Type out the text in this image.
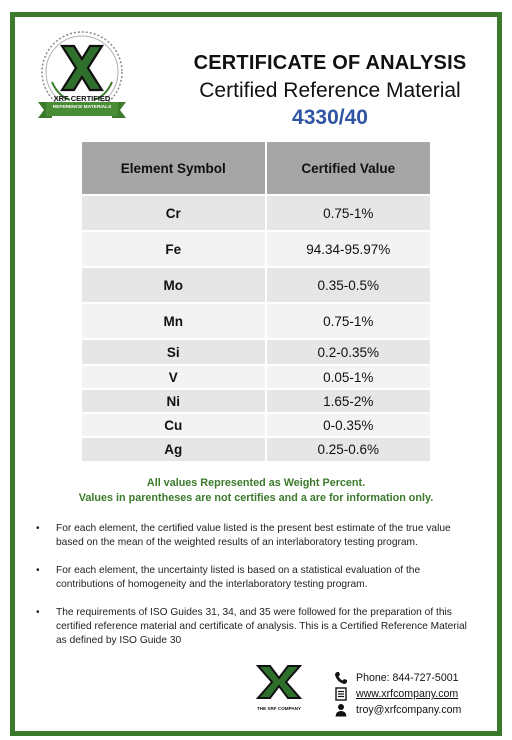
XRF CERTIFIED
REFERENCE MATERIALS
CERTIFICATE OF ANALYSIS
Certified Reference Material
4330/40
Element Symbol	Certified Value
Cr	0.75-1%
Fe	94.34-95.97%
Mo	0.35-0.5%
Mn	0.75-1%
Si	0.2-0.35%
V	0.05-1%
Ni	1.65-2%
Cu	0-0.35%
Ag	0.25-0.6%
All values Represented as Weight Percent.
Values in parentheses are not certifies and a are for information only.
• For each element, the certified value listed is the present best estimate of the true value based on the mean of the weighted results of an interlaboratory testing program.
• For each element, the uncertainty listed is based on a statistical evaluation of the contributions of homogeneity and the interlaboratory testing program.
• The requirements of ISO Guides 31, 34, and 35 were followed for the preparation of this certified reference material and certificate of analysis. This is a Certified Reference Material as defined by ISO Guide 30
THE XRF COMPANY
Phone: 844-727-5001
www.xrfcompany.com
troy@xrfcompany.com
